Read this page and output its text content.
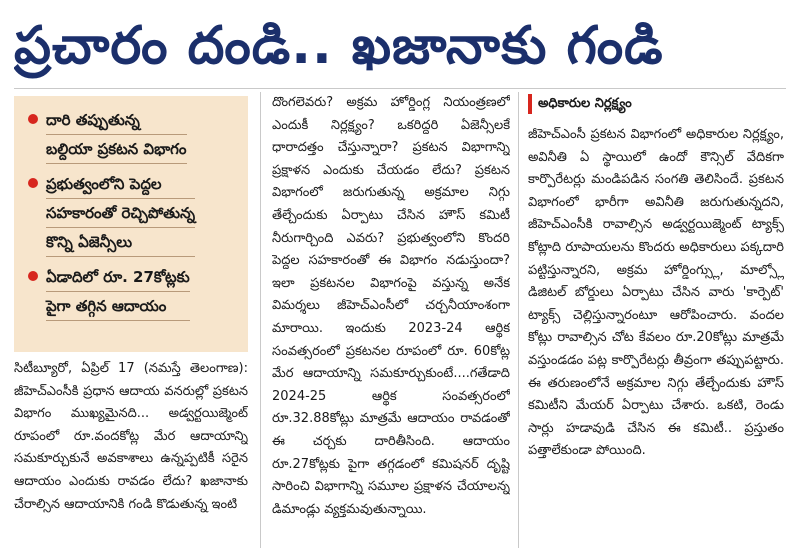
ప్రచారం దండి.. ఖజానాకు గండి
దారి తప్పుతున్న
బల్దియా ప్రకటన విభాగం
ప్రభుత్వంలోని పెద్దల
సహకారంతో రెచ్చిపోతున్న
కొన్ని ఏజెన్సీలు
ఏడాదిలో రూ. 27కోట్లకు
పైగా తగ్గిన ఆదాయం

సిటీబ్యూరో, ఏప్రిల్ 17 (నమస్తే తెలంగాణ): జీహెచ్ఎంసీకి ప్రధాన ఆదాయ వనరుల్లో ప్రకటన విభాగం ముఖ్యమైనది... అడ్వర్టయిజ్మెంట్ రూపంలో రూ.వందకోట్ల మేర ఆదాయాన్ని సమకూర్చుకునే అవకాశాలు ఉన్నప్పటికీ సరైన ఆదాయం ఎందుకు రావడం లేదు? ఖజానాకు చేరాల్సిన ఆదాయానికి గండి కొడుతున్న ఇంటి

దొంగలెవరు? అక్రమ హోర్డింగ్ల నియంత్రణలో ఎందుకీ నిర్లక్ష్యం? ఒకరిద్దరి ఏజెన్సీలకే ధారాదత్తం చేస్తున్నారా? ప్రకటన విభాగాన్ని ప్రక్షాళన ఎందుకు చేయడం లేదు? ప్రకటన విభాగంలో జరుగుతున్న అక్రమాల నిగ్గు తేల్చేందుకు ఏర్పాటు చేసిన హౌస్ కమిటీ నీరుగార్చింది ఎవరు? ప్రభుత్వంలోని కొందరి పెద్దల సహకారంతో ఈ విభాగం నడుస్తుందా? ఇలా ప్రకటనల విభాగంపై వస్తున్న అనేక విమర్శలు జీహెచ్ఎంసీలో చర్చనీయాంశంగా మారాయి. ఇందుకు 2023-24 ఆర్థిక సంవత్సరంలో ప్రకటనల రూపంలో రూ. 60కోట్ల మేర ఆదాయాన్ని సమకూర్చుకుంటే....గతేడాది 2024-25 ఆర్థిక సంవత్సరంలో రూ.32.88కోట్లు మాత్రమే ఆదాయం రావడంతో ఈ చర్చకు దారితీసింది. ఆదాయం రూ.27కోట్లకు పైగా తగ్గడంలో కమిషనర్ దృష్టి సారించి విభాగాన్ని సమూల ప్రక్షాళన చేయాలన్న డిమాండ్లు వ్యక్తమవుతున్నాయి.

అధికారుల నిర్లక్ష్యం

జీహెచ్ఎంసీ ప్రకటన విభాగంలో అధికారుల నిర్లక్ష్యం, అవినీతి ఏ స్థాయిలో ఉందో కౌన్సిల్ వేదికగా కార్పొరేటర్లు మండిపడిన సంగతి తెలిసిందే. ప్రకటన విభాగంలో భారీగా అవినీతి జరుగుతున్నదని, జీహెచ్ఎంసీకి రావాల్సిన అడ్వర్టయిజ్మెంట్ ట్యాక్స్ కోట్లాది రూపాయలను కొందరు అధికారులు పక్కదారి పట్టిస్తున్నారని, అక్రమ హోర్డింగ్స్లు, మాల్స్లో డిజిటల్ బోర్డులు ఏర్పాటు చేసిన వారు 'కార్పెట్' ట్యాక్స్ చెల్లిస్తున్నారంటూ ఆరోపించారు. వందల కోట్లు రావాల్సిన చోట కేవలం రూ.20కోట్లు మాత్రమే వస్తుండడం పట్ల కార్పొరేటర్లు తీవ్రంగా తప్పుపట్టారు. ఈ తరుణంలోనే అక్రమాల నిగ్గు తేల్చేందుకు హౌస్ కమిటీని మేయర్ ఏర్పాటు చేశారు. ఒకటి, రెండు సార్లు హడావుడి చేసిన ఈ కమిటీ.. ప్రస్తుతం పత్తాలేకుండా పోయింది.
